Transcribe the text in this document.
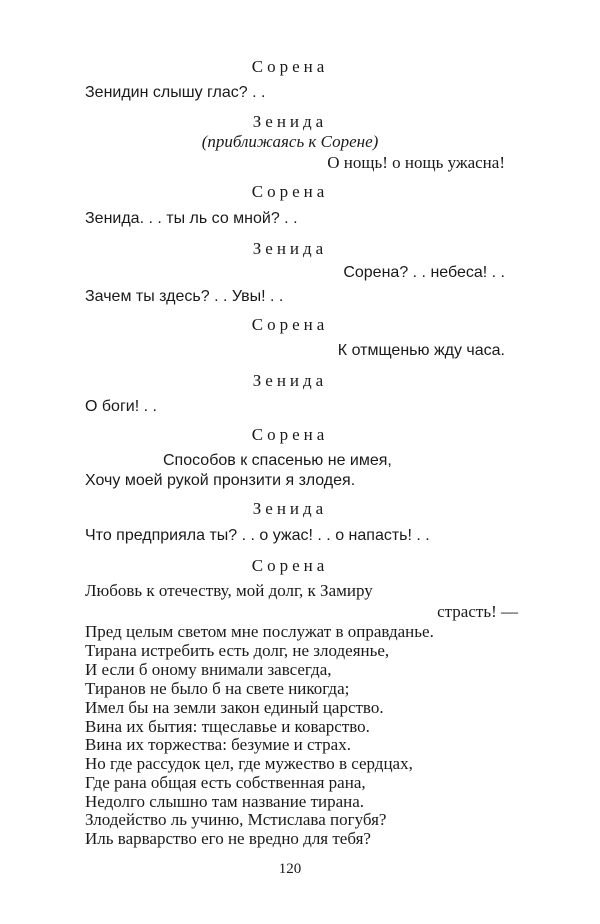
Сорена
Зенидин слышу глас? . .
Зенида
(приближаясь к Сорене)
О нощь! о нощь ужасна!
Сорена
Зенида. . . ты ль со мной? . .
Зенида
Сорена? . . небеса! . .
Зачем ты здесь? . . Увы! . .
Сорена
К отмщенью жду часа.
Зенида
О боги! . .
Сорена
Способов к спасенью не имея,
Хочу моей рукой пронзити я злодея.
Зенида
Что предприяла ты? . . о ужас! . . о напасть! . .
Сорена
Любовь к отечеству, мой долг, к Замиру
страсть! —
Пред целым светом мне послужат в оправданье.
Тирана истребить есть долг, не злодеянье,
И если б оному внимали завсегда,
Тиранов не было б на свете никогда;
Имел бы на земли закон единый царство.
Вина их бытия: тщеславье и коварство.
Вина их торжества: безумие и страх.
Но где рассудок цел, где мужество в сердцах,
Где рана общая есть собственная рана,
Недолго слышно там название тирана.
Злодейство ль учиню, Мстислава погубя?
Иль варварство его не вредно для тебя?
120
